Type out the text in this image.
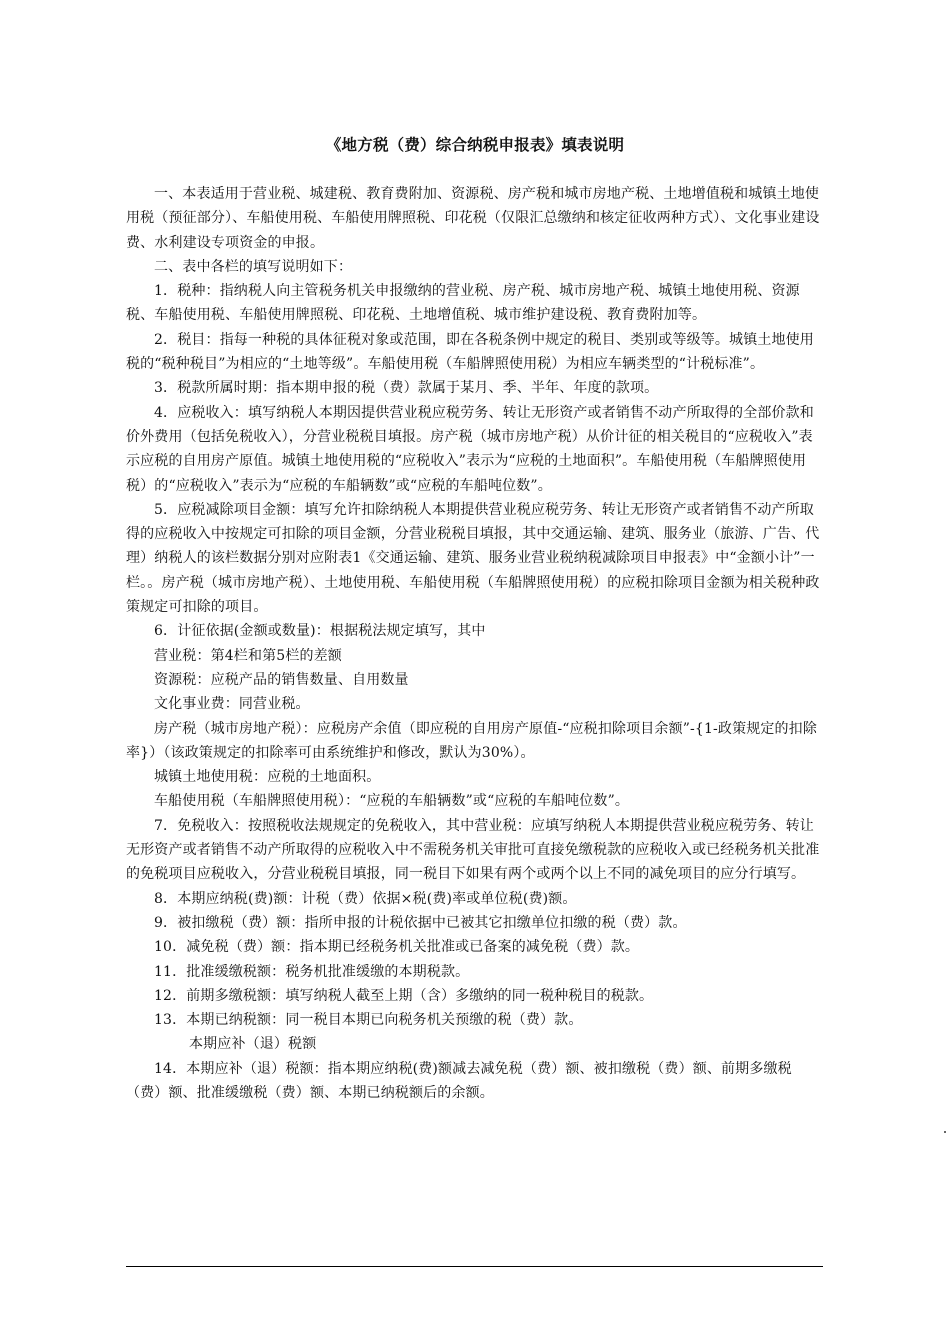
《地方税（费）综合纳税申报表》填表说明

一、本表适用于营业税、城建税、教育费附加、资源税、房产税和城市房地产税、土地增值税和城镇土地使用税（预征部分）、车船使用税、车船使用牌照税、印花税（仅限汇总缴纳和核定征收两种方式）、文化事业建设费、水利建设专项资金的申报。

二、表中各栏的填写说明如下：

1．税种：指纳税人向主管税务机关申报缴纳的营业税、房产税、城市房地产税、城镇土地使用税、资源税、车船使用税、车船使用牌照税、印花税、土地增值税、城市维护建设税、教育费附加等。

2．税目：指每一种税的具体征税对象或范围，即在各税条例中规定的税目、类别或等级等。城镇土地使用税的“税种税目”为相应的“土地等级”。车船使用税（车船牌照使用税）为相应车辆类型的“计税标准”。

3．税款所属时期：指本期申报的税（费）款属于某月、季、半年、年度的款项。

4．应税收入：填写纳税人本期因提供营业税应税劳务、转让无形资产或者销售不动产所取得的全部价款和价外费用（包括免税收入），分营业税税目填报。房产税（城市房地产税）从价计征的相关税目的“应税收入”表示应税的自用房产原值。城镇土地使用税的“应税收入”表示为“应税的土地面积”。车船使用税（车船牌照使用税）的“应税收入”表示为“应税的车船辆数”或“应税的车船吨位数”。

5．应税减除项目金额：填写允许扣除纳税人本期提供营业税应税劳务、转让无形资产或者销售不动产所取得的应税收入中按规定可扣除的项目金额，分营业税税目填报，其中交通运输、建筑、服务业（旅游、广告、代理）纳税人的该栏数据分别对应附表1《交通运输、建筑、服务业营业税纳税减除项目申报表》中“金额小计”一栏。。房产税（城市房地产税）、土地使用税、车船使用税（车船牌照使用税）的应税扣除项目金额为相关税种政策规定可扣除的项目。

6．计征依据(金额或数量)：根据税法规定填写，其中

营业税：第4栏和第5栏的差额

资源税：应税产品的销售数量、自用数量

文化事业费：同营业税。

房产税（城市房地产税）：应税房产余值（即应税的自用房产原值-“应税扣除项目余额”-{1-政策规定的扣除率}）（该政策规定的扣除率可由系统维护和修改，默认为30%）。

城镇土地使用税：应税的土地面积。

车船使用税（车船牌照使用税）：“应税的车船辆数”或“应税的车船吨位数”。

7．免税收入：按照税收法规规定的免税收入，其中营业税：应填写纳税人本期提供营业税应税劳务、转让无形资产或者销售不动产所取得的应税收入中不需税务机关审批可直接免缴税款的应税收入或已经税务机关批准的免税项目应税收入，分营业税税目填报，同一税目下如果有两个或两个以上不同的减免项目的应分行填写。

8．本期应纳税(费)额：计税（费）依据×税(费)率或单位税(费)额。

9．被扣缴税（费）额：指所申报的计税依据中已被其它扣缴单位扣缴的税（费）款。

10．减免税（费）额：指本期已经税务机关批准或已备案的减免税（费）款。

11．批准缓缴税额：税务机批准缓缴的本期税款。

12．前期多缴税额：填写纳税人截至上期（含）多缴纳的同一税种税目的税款。

13．本期已纳税额：同一税目本期已向税务机关预缴的税（费）款。

本期应补（退）税额

14．本期应补（退）税额：指本期应纳税(费)额减去减免税（费）额、被扣缴税（费）额、前期多缴税（费）额、批准缓缴税（费）额、本期已纳税额后的余额。
